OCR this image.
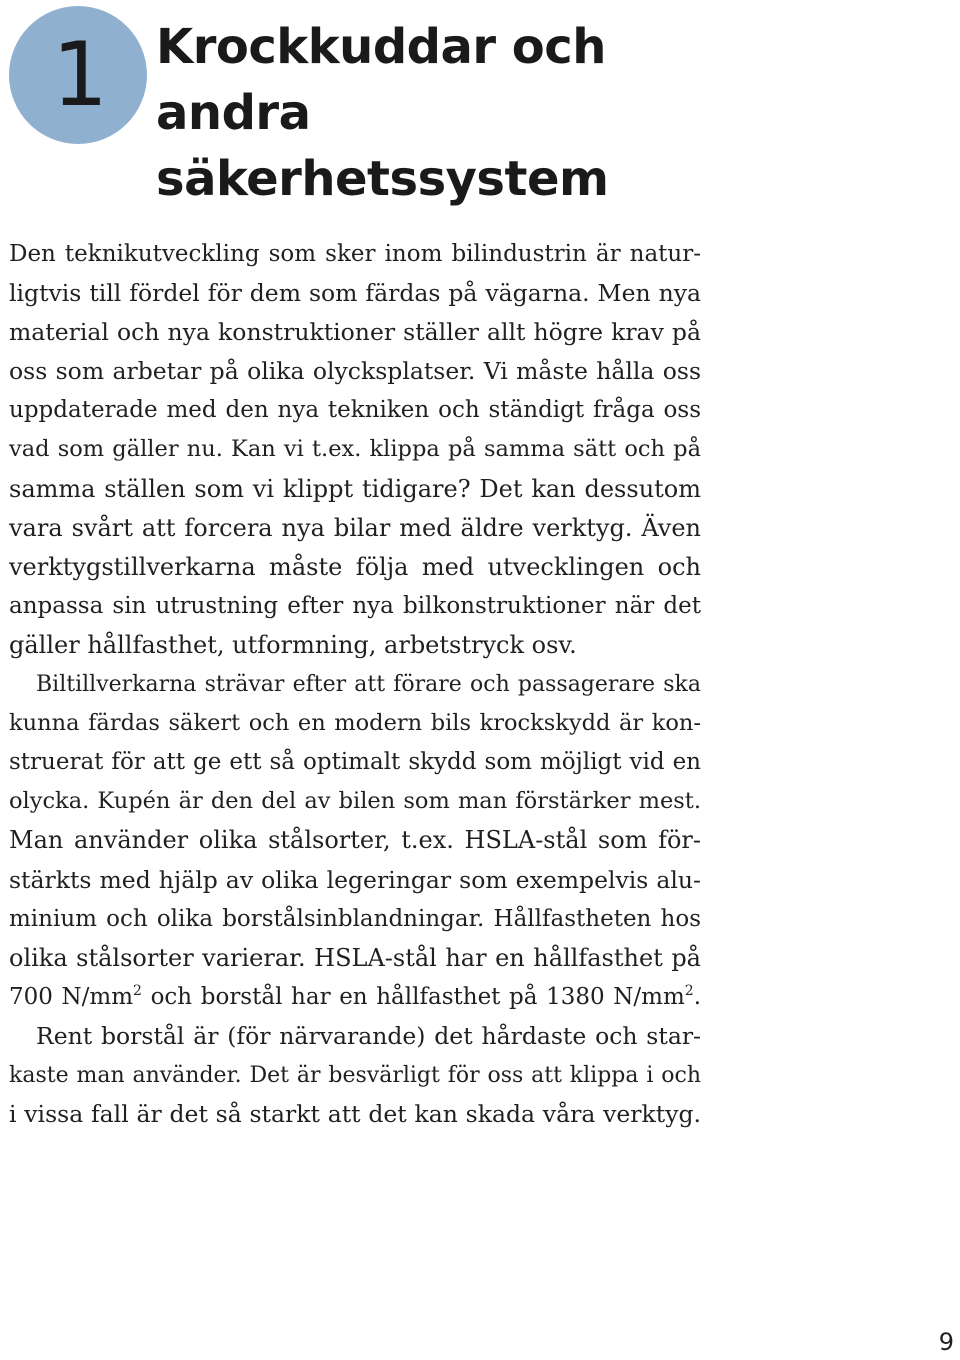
1	Krockkuddar och andra
säkerhetssystem
Den teknikutveckling som sker inom bilindustrin är natur-
ligtvis till fördel för dem som färdas på vägarna. Men nya
material och nya konstruktioner ställer allt högre krav på
oss som arbetar på olika olycksplatser. Vi måste hålla oss
uppdaterade med den nya tekniken och ständigt fråga oss
vad som gäller nu. Kan vi t.ex. klippa på samma sätt och på
samma ställen som vi klippt tidigare? Det kan dessutom
vara svårt att forcera nya bilar med äldre verktyg. Även
verktygstillverkarna måste följa med utvecklingen och
anpassa sin utrustning efter nya bilkonstruktioner när det
gäller hållfasthet, utformning, arbetstryck osv.
Biltillverkarna strävar efter att förare och passagerare ska
kunna färdas säkert och en modern bils krockskydd är kon-
struerat för att ge ett så optimalt skydd som möjligt vid en
olycka. Kupén är den del av bilen som man förstärker mest.
Man använder olika stålsorter, t.ex. HSLA-stål som för-
stärkts med hjälp av olika legeringar som exempelvis alu-
minium och olika borstålsinblandningar. Hållfastheten hos
olika stålsorter varierar. HSLA-stål har en hållfasthet på
700 $N/mm^2$ och borstål har en hållfasthet på 1380 $N/mm^2$.
Rent borstål är (för närvarande) det hårdaste och star-
kaste man använder. Det är besvärligt för oss att klippa i och
i vissa fall är det så starkt att det kan skada våra verktyg.
9
